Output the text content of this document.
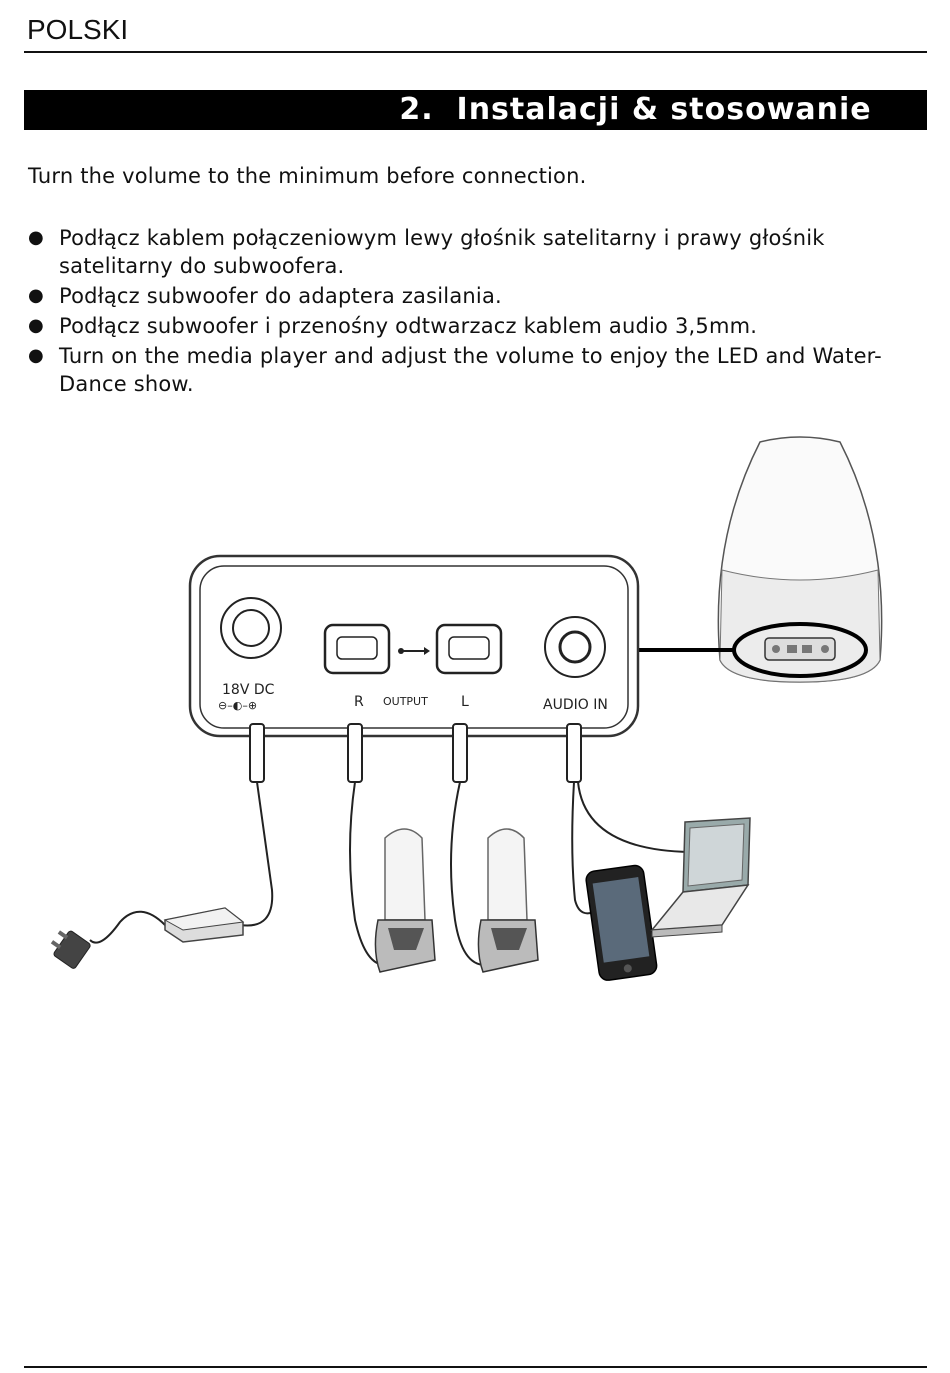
POLSKI
2. Instalacji & stosowanie
Turn the volume to the minimum before connection.
● Podłącz kablem połączeniowym lewy głośnik satelitarny i prawy głośnik satelitarny do subwoofera.
● Podłącz subwoofer do adaptera zasilania.
● Podłącz subwoofer i przenośny odtwarzacz kablem audio 3,5mm.
● Turn on the media player and adjust the volume to enjoy the LED and Water-Dance show.
18V DC
⊖–◐–⊕	R OUTPUT L	AUDIO IN
